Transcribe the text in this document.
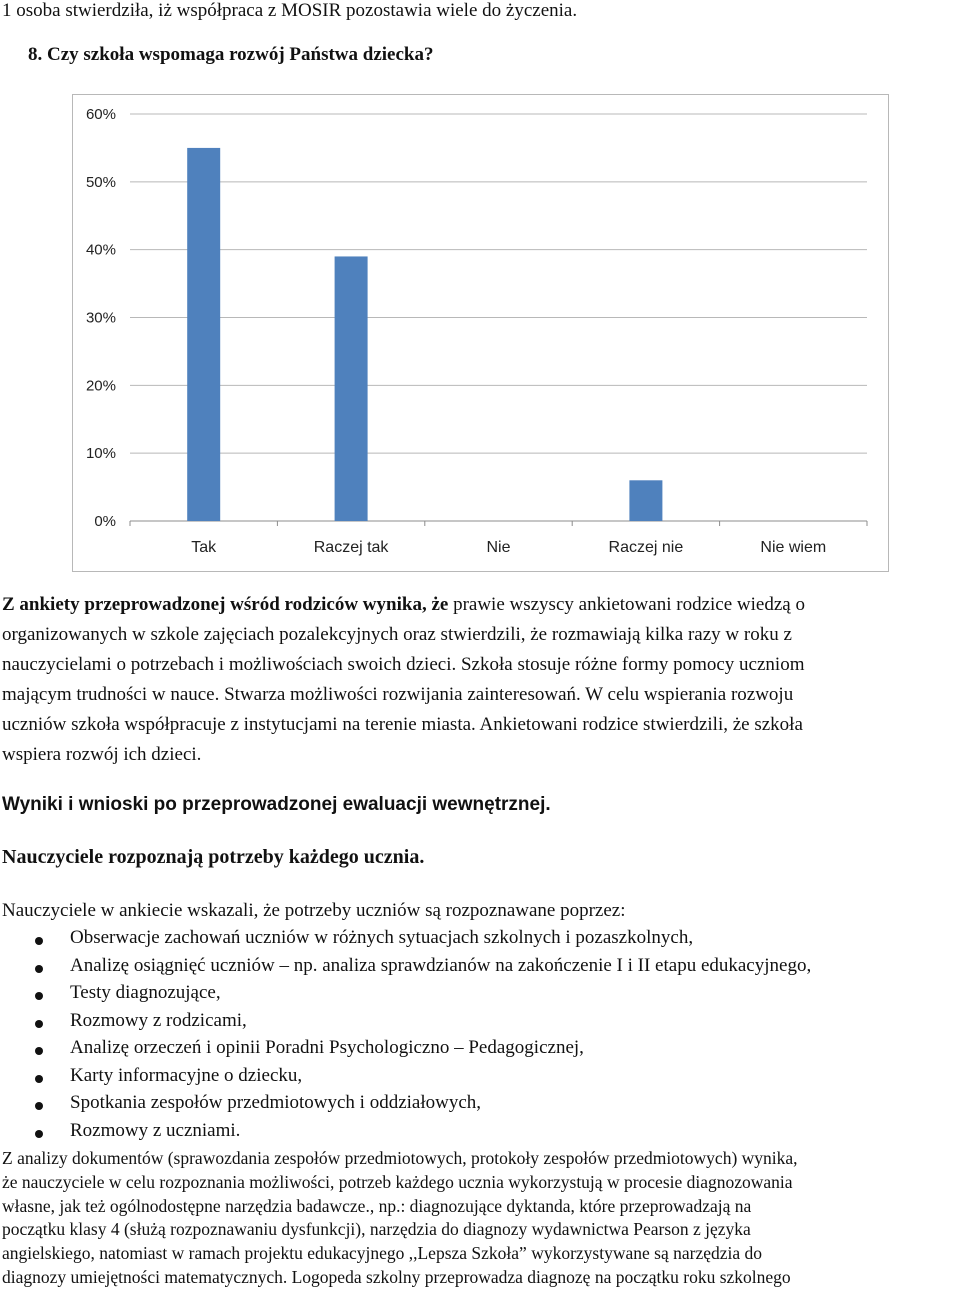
1 osoba stwierdziła, iż współpraca z MOSIR pozostawia wiele do życzenia.
8. Czy szkoła wspomaga rozwój Państwa dziecka?
0%
10%
20%
30%
40%
50%
60%
Tak	Raczej tak	Nie	Raczej nie	Nie wiem
Z ankiety przeprowadzonej wśród rodziców wynika, że prawie wszyscy ankietowani rodzice wiedzą o
organizowanych w szkole zajęciach pozalekcyjnych oraz stwierdzili, że rozmawiają kilka razy w roku z
nauczycielami o potrzebach i możliwościach swoich dzieci. Szkoła stosuje różne formy pomocy uczniom
mającym trudności w nauce. Stwarza możliwości rozwijania zainteresowań. W celu wspierania rozwoju
uczniów szkoła współpracuje z instytucjami na terenie miasta. Ankietowani rodzice stwierdzili, że szkoła
wspiera rozwój ich dzieci.
Wyniki i wnioski po przeprowadzonej ewaluacji wewnętrznej.
Nauczyciele rozpoznają potrzeby każdego ucznia.
Nauczyciele w ankiecie wskazali, że potrzeby uczniów są rozpoznawane poprzez:
Obserwacje zachowań uczniów w różnych sytuacjach szkolnych i pozaszkolnych,
Analizę osiągnięć uczniów – np. analiza sprawdzianów na zakończenie I i II etapu edukacyjnego,
Testy diagnozujące,
Rozmowy z rodzicami,
Analizę orzeczeń i opinii Poradni Psychologiczno – Pedagogicznej,
Karty informacyjne o dziecku,
Spotkania zespołów przedmiotowych i oddziałowych,
Rozmowy z uczniami.
Z analizy dokumentów (sprawozdania zespołów przedmiotowych, protokoły zespołów przedmiotowych) wynika,
że nauczyciele w celu rozpoznania możliwości, potrzeb każdego ucznia wykorzystują w procesie diagnozowania
własne, jak też ogólnodostępne narzędzia badawcze., np.: diagnozujące dyktanda, które przeprowadzają na
początku klasy 4 (służą rozpoznawaniu dysfunkcji), narzędzia do diagnozy wydawnictwa Pearson z języka
angielskiego, natomiast w ramach projektu edukacyjnego ,,Lepsza Szkoła” wykorzystywane są narzędzia do
diagnozy umiejętności matematycznych. Logopeda szkolny przeprowadza diagnozę na początku roku szkolnego
